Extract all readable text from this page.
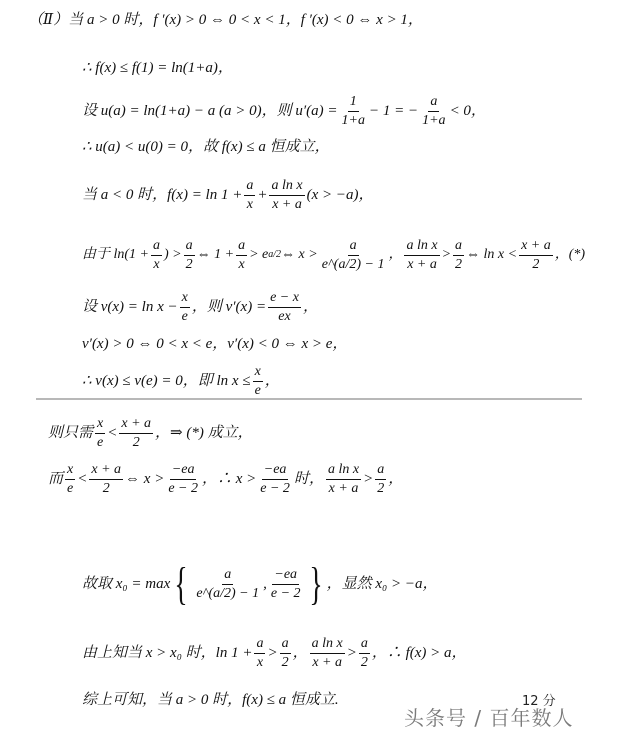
（Ⅱ）当 a > 0 时，f ′(x) > 0 ⇔ 0 < x < 1，f ′(x) < 0 ⇔ x > 1，
∴ f(x) ≤ f(1) = ln(1+a)，
设 u(a) = ln(1+a) − a (a > 0)，则 $u'(a) = \frac{1}{1+a} - 1$ = − $\frac{a}{1+a} < 0$，
∴ u(a) < u(0) = 0，故 f(x) ≤ a 恒成立，
当 a < 0 时，$f(x) = \ln 1 + \frac{a}{x} + \frac{\text{a ln x}}{x + a} (x > -a)$，
由于 $\ln(1 + \frac{a}{x}$ ) > $\frac{a}{2}$ ⇔ $1 + \frac{a}{x} > e$ a/2 ⇔ $x > \frac{a}{e\^{}(a/2) - 1}$ ， $\frac{\text{a ln x}}{x + a} > \frac{a}{2}$ ⇔ $\ln x < \frac{x + a}{2}$ ，(*)
设 $v(x) = \ln x - \frac{x}{e}$ ，则 $v'(x) = \frac{e - x}{ex}$ ，
v′(x) > 0 ⇔ 0 < x < e，v′(x) < 0 ⇔ x > e，
∴ v(x) ≤ v(e) = 0，即 $\ln x \le \frac{x}{e}$ ，
则只需 $\frac{x}{e} < \frac{x + a}{2}$ ，⇒ (*) 成立，
而 $\frac{x}{e} < \frac{x + a}{2}$ ⇔ $x > \frac{-ea}{e - 2}$ ，∴ $x > \frac{-ea}{e - 2}$ 时， $\frac{\text{a ln x}}{x + a} > \frac{a}{2}$ ，
故取 x₀ = max { $\frac{a}{e\^{}(a/2) - 1}$ , $\frac{-ea}{e - 2}$ } ，显然 x₀ > −a，
由上知当 x > x₀ 时，$\ln 1 + \frac{a}{x} > \frac{a}{2}$ ， $\frac{\text{a ln x}}{x + a} > \frac{a}{2}$ ，∴ f(x) > a，
综上可知，当 a > 0 时，f(x) ≤ a 恒成立.	12 分
头条号 / 百年数人
